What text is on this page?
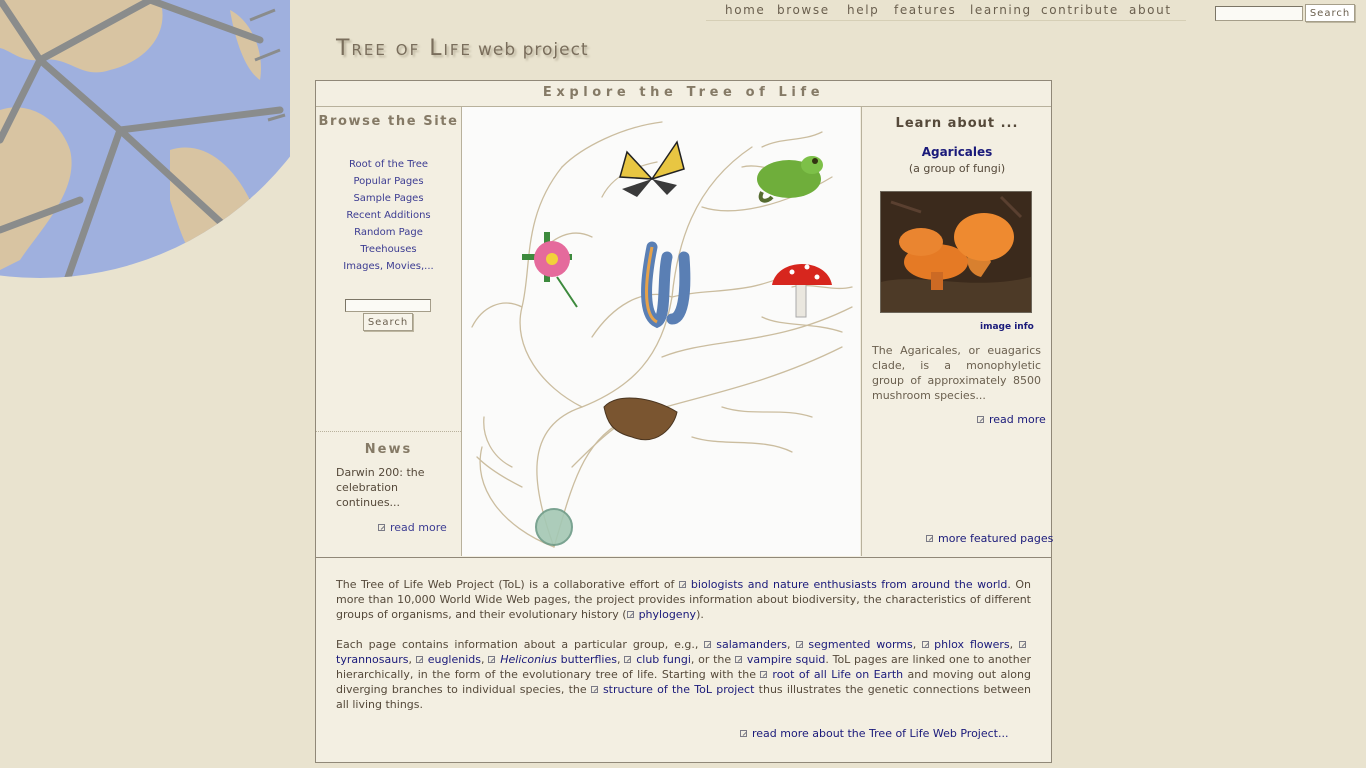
home browse help features learning contribute about	Search
Tree of Life web project
Explore the Tree of Life
Browse the Site
Root of the Tree
Popular Pages
Sample Pages
Recent Additions
Random Page
Treehouses
Images, Movies,...
Search
News
Darwin 200: the celebration continues...
read more
Learn about ...
Agaricales
(a group of fungi)
image info
The Agaricales, or euagarics clade, is a monophyletic group of approximately 8500 mushroom species...
read more
more featured pages

The Tree of Life Web Project (ToL) is a collaborative effort of biologists and nature enthusiasts from around the world. On more than 10,000 World Wide Web pages, the project provides information about biodiversity, the characteristics of different groups of organisms, and their evolutionary history ( phylogeny).

Each page contains information about a particular group, e.g., salamanders, segmented worms, phlox flowers, tyrannosaurs, euglenids, Heliconius butterflies, club fungi, or the vampire squid. ToL pages are linked one to another hierarchically, in the form of the evolutionary tree of life. Starting with the root of all Life on Earth and moving out along diverging branches to individual species, the structure of the ToL project thus illustrates the genetic connections between all living things.

read more about the Tree of Life Web Project...
